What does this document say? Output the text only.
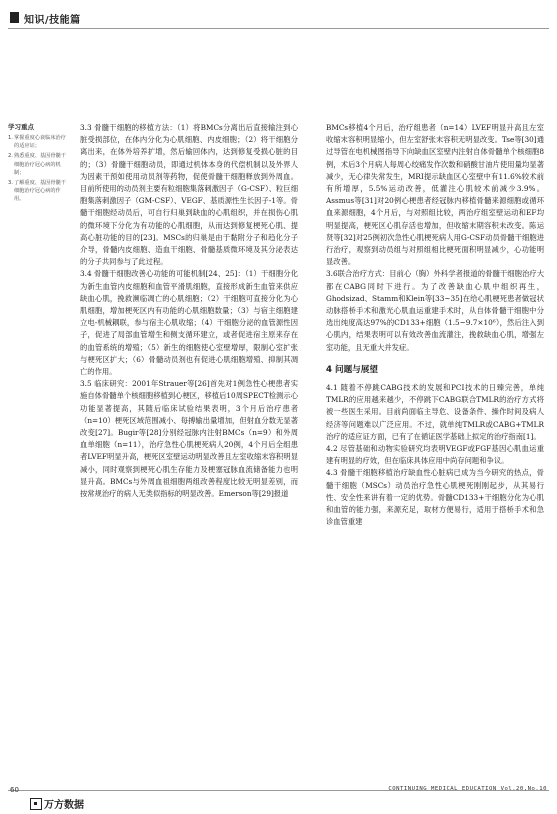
知识/技能篇
学习重点
1. 掌握重度心衰临床治疗的适应证；
2. 熟悉重度、基因骨髓干细胞治疗冠心病的机制；
3. 了解重度、基因骨髓干细胞治疗冠心病的作用。

3.3 骨髓干细胞的移植方法：（1）将BMCs分离出后直接输注到心脏受损部位，在体内分化为心肌细胞、内皮细胞；（2）将干细胞分离出来，在体外培养扩增，然后输回体内，达到修复受损心脏的目的；（3）骨髓干细胞动员，即通过机体本身的代偿机制以及外界人为因素干预如使用动员剂等药物，促使骨髓干细胞释放到外周血。目前所使用的动员剂主要有粒细胞集落刺激因子（G-CSF）、粒巨细胞集落刺激因子（GM-CSF）、VEGF、基质源性生长因子-1等。骨髓干细胞经动员后，可自行归巢到缺血的心肌组织，并在损伤心肌的微环境下分化为有功能的心肌细胞，从而达到修复梗死心肌、提高心脏功能的目的[23]。MSCs的归巢是由于黏附分子和趋化分子介导，骨髓内皮细胞、造血干细胞、骨髓基质微环境及其分泌表达的分子共同参与了此过程。

3.4 骨髓干细胞改善心功能的可能机制[24、25]：（1）干细胞分化为新生血管内皮细胞和血管平滑肌细胞，直接形成新生血管来供应缺血心肌，挽救濒临凋亡的心肌细胞；（2）干细胞可直接分化为心肌细胞，增加梗死区内有功能的心肌细胞数量；（3）与宿主细胞建立电-机械耦联，参与宿主心肌收缩；（4）干细胞分泌的血管源性因子，促进了局部血管增生和侧支循环建立，或者促进宿主原来存在的血管系统的增殖；（5）新生的细胞使心室壁增厚，限制心室扩张与梗死区扩大；（6）骨髓动员剂也有促进心肌细胞增殖、抑制其凋亡的作用。

3.5 临床研究：2001年Strauer等[26]首先对1例急性心梗患者实施自体骨髓单个核细胞移植到心梗区，移植后10周SPECT检测示心功能显著提高，其随后临床试验结果表明，3个月后治疗患者（n=10）梗死区域范围减小、每搏输出量增加，但射血分数无显著改变[27]。Bugir等[28]分别经冠脉内注射BMCs（n=9）和外周血单细胞（n=11），治疗急性心肌梗死病人20例，4个月后全组患者LVEF明显升高，梗死区室壁运动明显改善且左室收缩末容积明显减小，同时观察到梗死心肌生存能力及梗塞冠脉血流储备能力也明显升高。BMCs与外周血祖细胞两组改善程度比较无明显差别，而按常规治疗的病人无类似指标的明显改善。Emerson等[29]报道

BMCs移植4个月后，治疗组患者（n=14）LVEF明显升高且左室收缩末容积明显缩小，但左室舒张末容积无明显改变。Tse等[30]通过导管在电机械图指导下向缺血区室壁内注射自体骨髓单个核细胞8例，术后3个月病人每周心绞痛发作次数和硝酸甘油片使用量均显著减少，无心律失常发生，MRI提示缺血区心室壁中有11.6%较术前有所增厚，5.5%运动改善，低灌注心肌较术前减少3.9%。Assmus等[31]对20例心梗患者经冠脉内移植骨髓来源细胞或循环血来源细胞，4个月后，与对照组比较，两治疗组室壁运动和EF均明显提高，梗死区心肌存活也增加，但收缩末期容积未改变。陈运贤等[32]对25例初次急性心肌梗死病人用G-CSF动员骨髓干细胞进行治疗，观察到动员组与对照组相比梗死面积明显减少，心功能明显改善。

3.6联合治疗方式：目前心（胸）外科学者报道的骨髓干细胞治疗大都在CABG同时下进行。为了改善缺血心肌中组织再生，Ghodsizad、Stamm和Klein等[33~35]在给心肌梗死患者做冠状动脉搭桥手术和激光心肌血运重建手术时，从自体骨髓干细胞中分选出纯度高达97%的CD133+细胞（1.5~9.7×10⁶），然后注入到心肌内，结果表明可以有效改善血流灌注，挽救缺血心肌，增强左室功能，且无重大并发症。

4 问题与展望

4.1 随着不停跳CABG技术的发展和PCI技术的日臻完善，单纯TMLR的应用越来越少，不停跳下CABG联合TMLR的治疗方式将被一些医生采用。目前尚面临主导危、设备条件、操作时间及病人经济等问题难以广泛应用。不过，就单纯TMLR或CABG+TMLR治疗的适应证方面，已有了在循证医学基础上拟定的治疗指南[1]。

4.2 尽管基础和动物实验研究均表明VEGF或FGF基因心肌血运重建有明显的疗效，但在临床具体应用中尚存问题和争议。

4.3 骨髓干细胞移植治疗缺血性心脏病已成为当今研究的热点，骨髓干细胞（MSCs）动员治疗急性心肌梗死刚刚起步，从其易行性、安全性来讲有着一定的优势。骨髓CD133+干细胞分化为心肌和血管的能力强，来源充足，取材方便易行，适用于搭桥手术和急诊血管重建

60	CONTINUING MEDICAL EDUCATION Vol.20,No.10
万方数据
